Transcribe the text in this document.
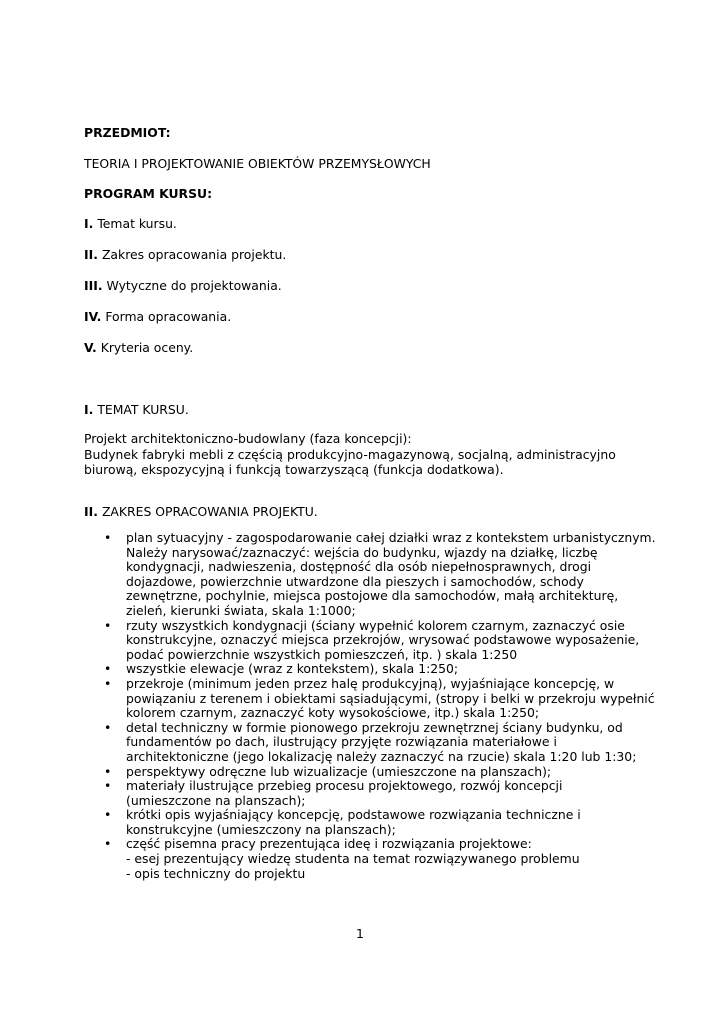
PRZEDMIOT:
TEORIA I PROJEKTOWANIE OBIEKTÓW PRZEMYSŁOWYCH
PROGRAM KURSU:
I. Temat kursu.
II. Zakres opracowania projektu.
III. Wytyczne do projektowania.
IV. Forma opracowania.
V. Kryteria oceny.
I. TEMAT KURSU.
Projekt architektoniczno-budowlany (faza koncepcji):
Budynek fabryki mebli z częścią produkcyjno-magazynową, socjalną, administracyjno
biurową, ekspozycyjną i funkcją towarzyszącą (funkcja dodatkowa).
II. ZAKRES OPRACOWANIA PROJEKTU.
• plan sytuacyjny - zagospodarowanie całej działki wraz z kontekstem urbanistycznym.
Należy narysować/zaznaczyć: wejścia do budynku, wjazdy na działkę, liczbę
kondygnacji, nadwieszenia, dostępność dla osób niepełnosprawnych, drogi
dojazdowe, powierzchnie utwardzone dla pieszych i samochodów, schody
zewnętrzne, pochylnie, miejsca postojowe dla samochodów, małą architekturę,
zieleń, kierunki świata, skala 1:1000;
• rzuty wszystkich kondygnacji (ściany wypełnić kolorem czarnym, zaznaczyć osie
konstrukcyjne, oznaczyć miejsca przekrojów, wrysować podstawowe wyposażenie,
podać powierzchnie wszystkich pomieszczeń, itp. ) skala 1:250
• wszystkie elewacje (wraz z kontekstem), skala 1:250;
• przekroje (minimum jeden przez halę produkcyjną), wyjaśniające koncepcję, w
powiązaniu z terenem i obiektami sąsiadującymi, (stropy i belki w przekroju wypełnić
kolorem czarnym, zaznaczyć koty wysokościowe, itp.) skala 1:250;
• detal techniczny w formie pionowego przekroju zewnętrznej ściany budynku, od
fundamentów po dach, ilustrujący przyjęte rozwiązania materiałowe i
architektoniczne (jego lokalizację należy zaznaczyć na rzucie) skala 1:20 lub 1:30;
• perspektywy odręczne lub wizualizacje (umieszczone na planszach);
• materiały ilustrujące przebieg procesu projektowego, rozwój koncepcji
(umieszczone na planszach);
• krótki opis wyjaśniający koncepcję, podstawowe rozwiązania techniczne i
konstrukcyjne (umieszczony na planszach);
• część pisemna pracy prezentująca ideę i rozwiązania projektowe:
- esej prezentujący wiedzę studenta na temat rozwiązywanego problemu
- opis techniczny do projektu
1
